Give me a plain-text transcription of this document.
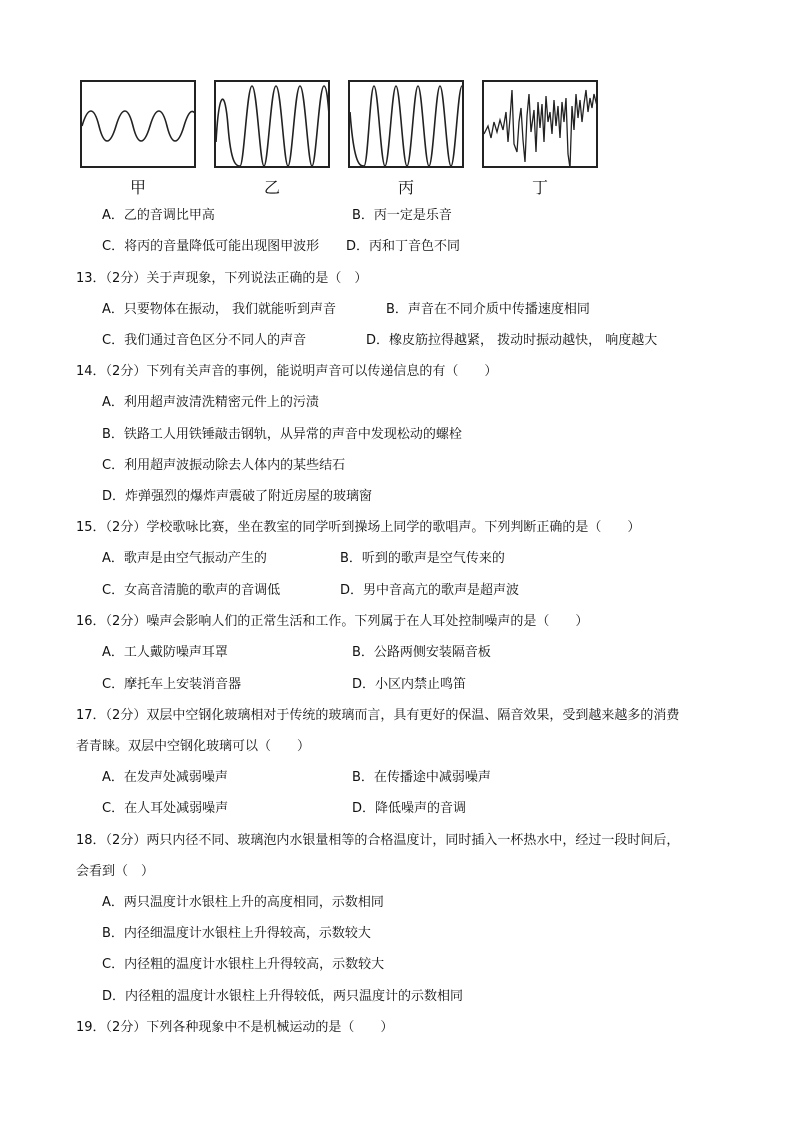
甲	乙	丙	丁
A．乙的音调比甲高	B．丙一定是乐音
C．将丙的音量降低可能出现图甲波形 D．丙和丁音色不同
13．（2分）关于声现象，下列说法正确的是（　）
A．只要物体在振动， 我们就能听到声音	B．声音在不同介质中传播速度相同
C．我们通过音色区分不同人的声音	D．橡皮筋拉得越紧， 拨动时振动越快， 响度越大
14．（2分）下列有关声音的事例，能说明声音可以传递信息的有（　　）
A．利用超声波清洗精密元件上的污渍
B．铁路工人用铁锤敲击钢轨，从异常的声音中发现松动的螺栓
C．利用超声波振动除去人体内的某些结石
D．炸弹强烈的爆炸声震破了附近房屋的玻璃窗
15．（2分）学校歌咏比赛，坐在教室的同学听到操场上同学的歌唱声。下列判断正确的是（　　）
A．歌声是由空气振动产生的	B．听到的歌声是空气传来的
C．女高音清脆的歌声的音调低	D．男中音高亢的歌声是超声波
16．（2分）噪声会影响人们的正常生活和工作。下列属于在人耳处控制噪声的是（　　）
A．工人戴防噪声耳罩	B．公路两侧安装隔音板
C．摩托车上安装消音器	D．小区内禁止鸣笛
17．（2分）双层中空钢化玻璃相对于传统的玻璃而言，具有更好的保温、隔音效果，受到越来越多的消费
者青睐。双层中空钢化玻璃可以（　　）
A．在发声处减弱噪声	B．在传播途中减弱噪声
C．在人耳处减弱噪声	D．降低噪声的音调
18．（2分）两只内径不同、玻璃泡内水银量相等的合格温度计，同时插入一杯热水中，经过一段时间后，
会看到（　）
A．两只温度计水银柱上升的高度相同，示数相同
B．内径细温度计水银柱上升得较高，示数较大
C．内径粗的温度计水银柱上升得较高，示数较大
D．内径粗的温度计水银柱上升得较低，两只温度计的示数相同
19．（2分）下列各种现象中不是机械运动的是（　　）
